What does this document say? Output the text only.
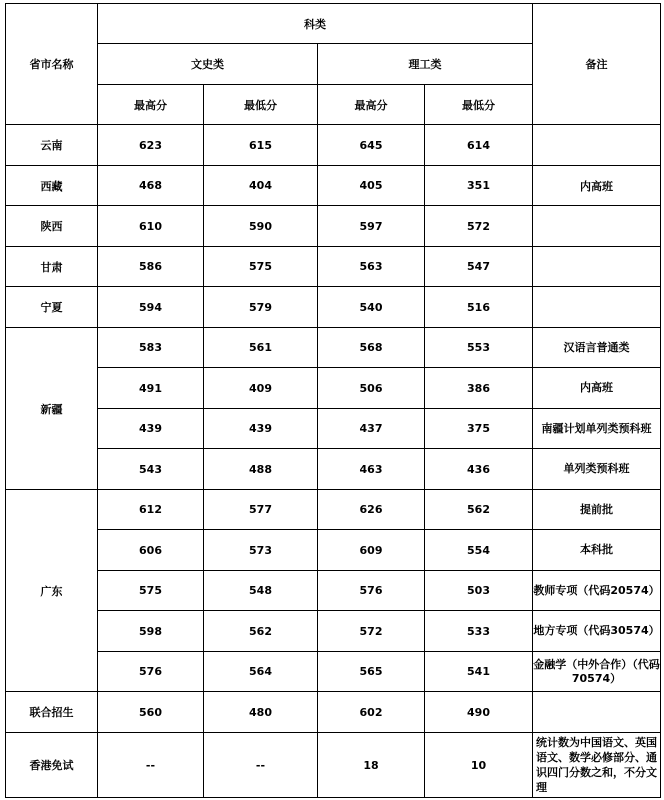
省市名称	科类				备注
	文史类		理工类		
	最高分	最低分	最高分	最低分	
云南	623	615	645	614	
西藏	468	404	405	351	内高班
陕西	610	590	597	572	
甘肃	586	575	563	547	
宁夏	594	579	540	516	
新疆	583	561	568	553	汉语言普通类
	491	409	506	386	内高班
	439	439	437	375	南疆计划单列类预科班
	543	488	463	436	单列类预科班
广东	612	577	626	562	提前批
	606	573	609	554	本科批
	575	548	576	503	教师专项（代码20574）
	598	562	572	533	地方专项（代码30574）
	576	564	565	541	金融学（中外合作）（代码70574）
联合招生	560	480	602	490	
香港免试	--	--	18	10	统计数为中国语文、英国语文、数学必修部分、通识四门分数之和，不分文理
